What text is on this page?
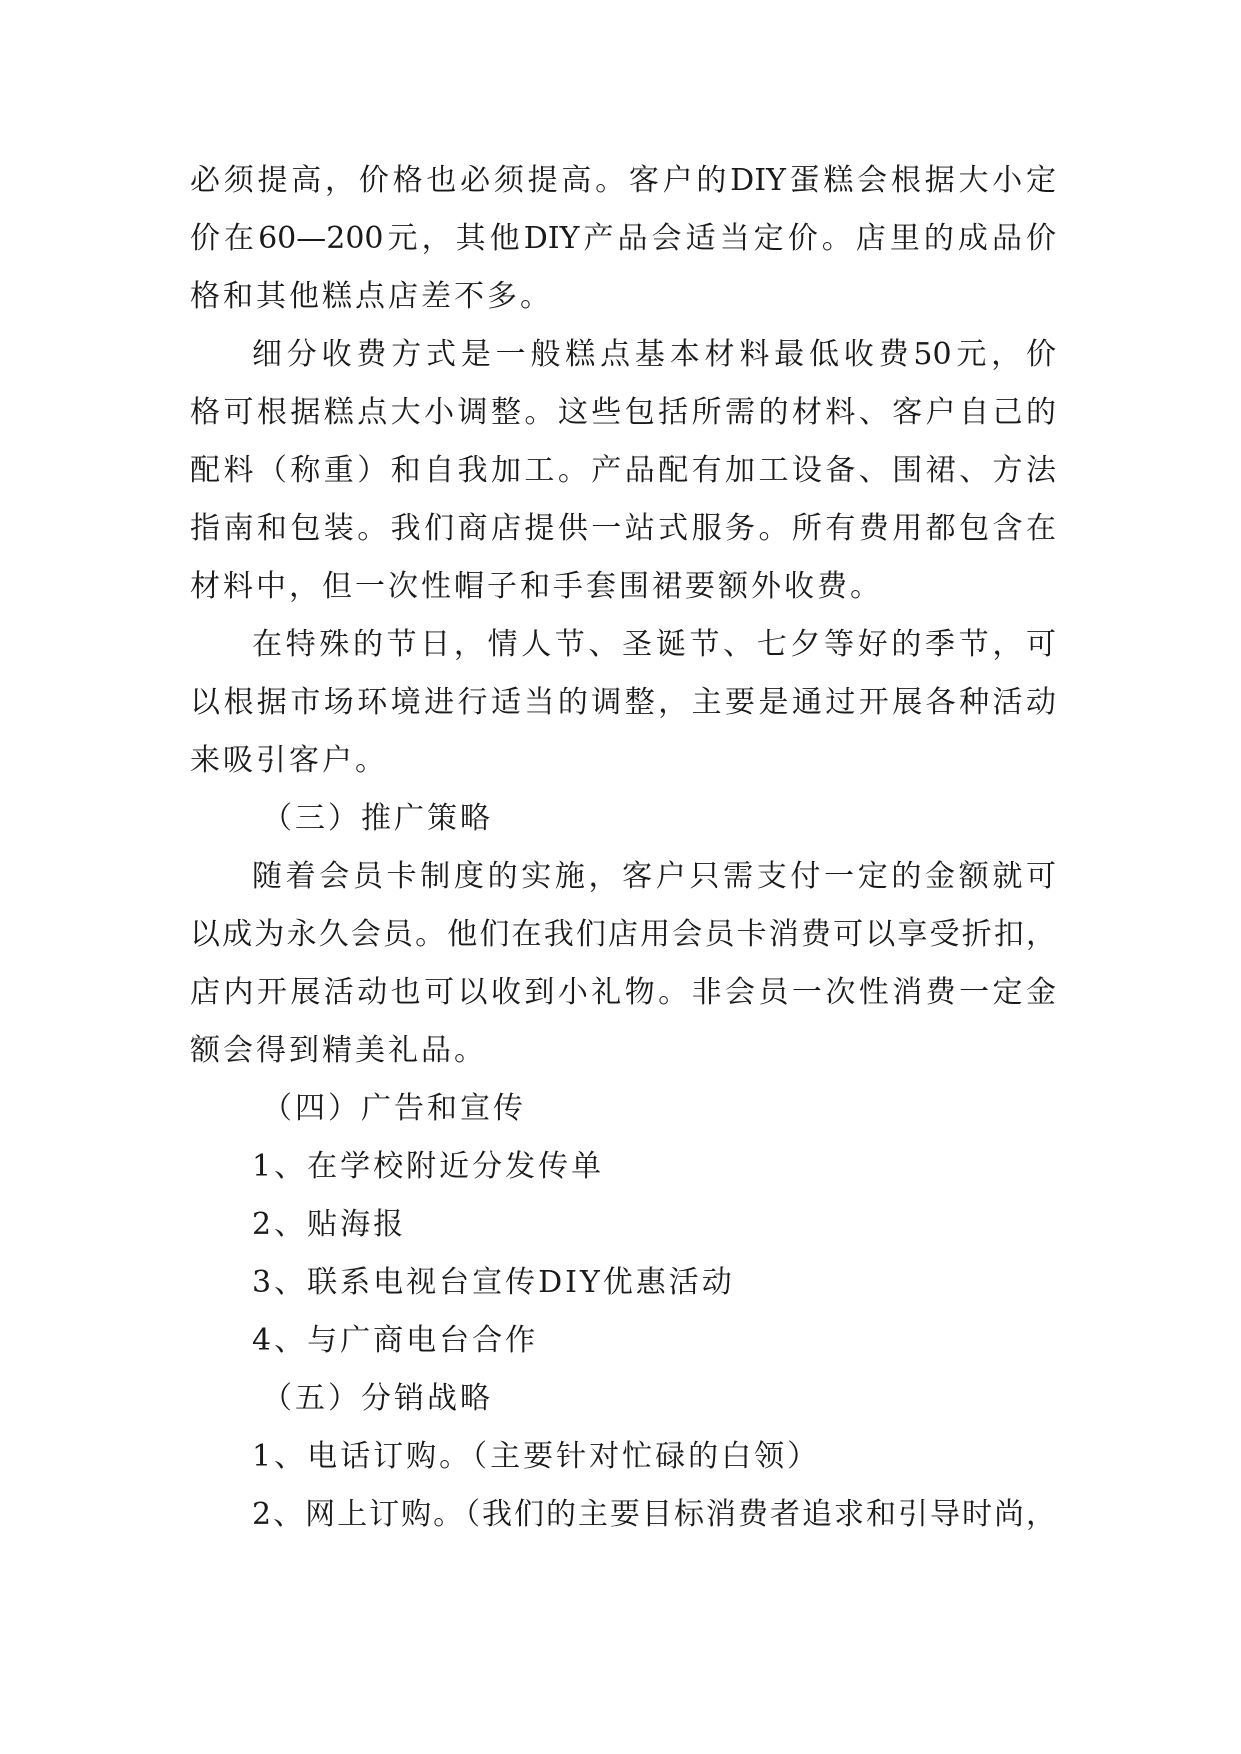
必须提高，价格也必须提高。客户的DIY蛋糕会根据大小定
价在60—200元，其他DIY产品会适当定价。店里的成品价
格和其他糕点店差不多。
细分收费方式是一般糕点基本材料最低收费50元，价
格可根据糕点大小调整。这些包括所需的材料、客户自己的
配料（称重）和自我加工。产品配有加工设备、围裙、方法
指南和包装。我们商店提供一站式服务。所有费用都包含在
材料中，但一次性帽子和手套围裙要额外收费。
在特殊的节日，情人节、圣诞节、七夕等好的季节，可
以根据市场环境进行适当的调整，主要是通过开展各种活动
来吸引客户。
（三）推广策略
随着会员卡制度的实施，客户只需支付一定的金额就可
以成为永久会员。他们在我们店用会员卡消费可以享受折扣，
店内开展活动也可以收到小礼物。非会员一次性消费一定金
额会得到精美礼品。
（四）广告和宣传
1、在学校附近分发传单
2、贴海报
3、联系电视台宣传DIY优惠活动
4、与广商电台合作
（五）分销战略
1、电话订购。（主要针对忙碌的白领）
2、网上订购。（我们的主要目标消费者追求和引导时尚，
